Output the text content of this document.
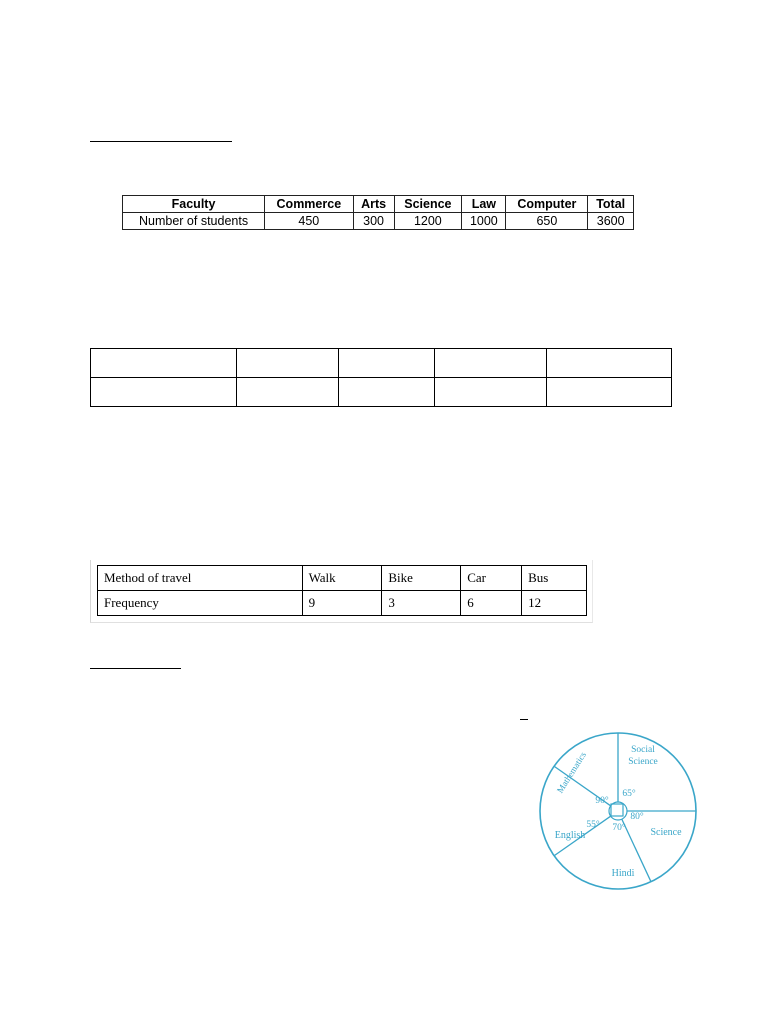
Faculty	Commerce	Arts	Science	Law	Computer	Total
Number of students	450	300	1200	1000	650	3600

Method of travel	Walk	Bike	Car	Bus
Frequency	9	3	6	12
Mathematics
Social Science
Science
Hindi
English
90°
65°
80°
70°
55°
